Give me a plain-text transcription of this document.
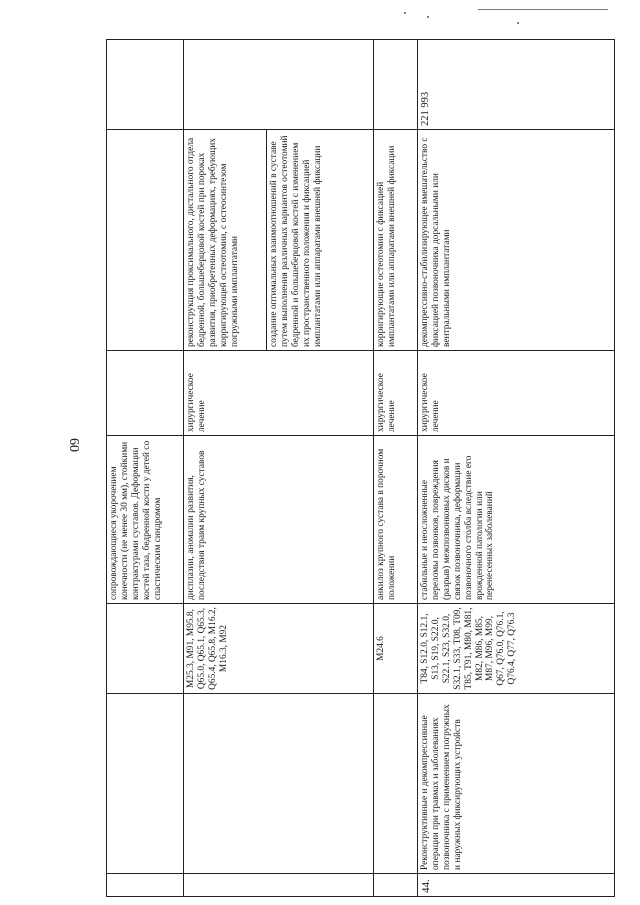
60
			сопровождающиеся укорочением конечности (не менее 30 мм), стойкими контрактурами суставов. Деформации костей таза, бедренной кости у детей со спастическим синдромом			
		M25.3, M91, M95.8, Q65.0, Q65.1, Q65.3, Q65.4, Q65.8, M16.2, M16.3, M92	дисплазии, аномалии развития, последствия травм крупных суставов	хирургическое лечение	реконструкция проксимального, дистального отдела бедренной, большеберцовой костей при пороках развития, приобретенных деформациях, требующих корригирующей остеотомии, с остеосинтезом погружными имплантатами создание оптимальных взаимоотношений в суставе путем выполнения различных вариантов остеотомий бедренной и большеберцовой костей с изменением их пространственного положения и фиксацией имплантатами или аппаратами внешней фиксации	

		M24.6	анкилоз крупного сустава в порочном положении	хирургическое лечение	корригирующие остеотомии с фиксацией имплантатами или аппаратами внешней фиксации	
44.	Реконструктивные и декомпрессивные операции при травмах и заболеваниях позвоночника с применением погружных и наружных фиксирующих устройств	T84, S12.0, S12.1, S13, S19, S22.0, S22.1, S23, S32.0, S32.1, S33, T08, T09, T85, T91, M80, M81, M82, M86, M85, M87, M96, M99, Q67, Q76.0, Q76.1, Q76.4, Q77, Q76.3	стабильные и неосложненные переломы позвонков, повреждения (разрыв) межпозвонковых дисков и связок позвоночника, деформации позвоночного столба вследствие его врожденной патологии или перенесенных заболеваний	хирургическое лечение	декомпрессивно-стабилизирующее вмешательство с фиксацией позвоночника дорсальными или вентральными имплантатами	221 993
